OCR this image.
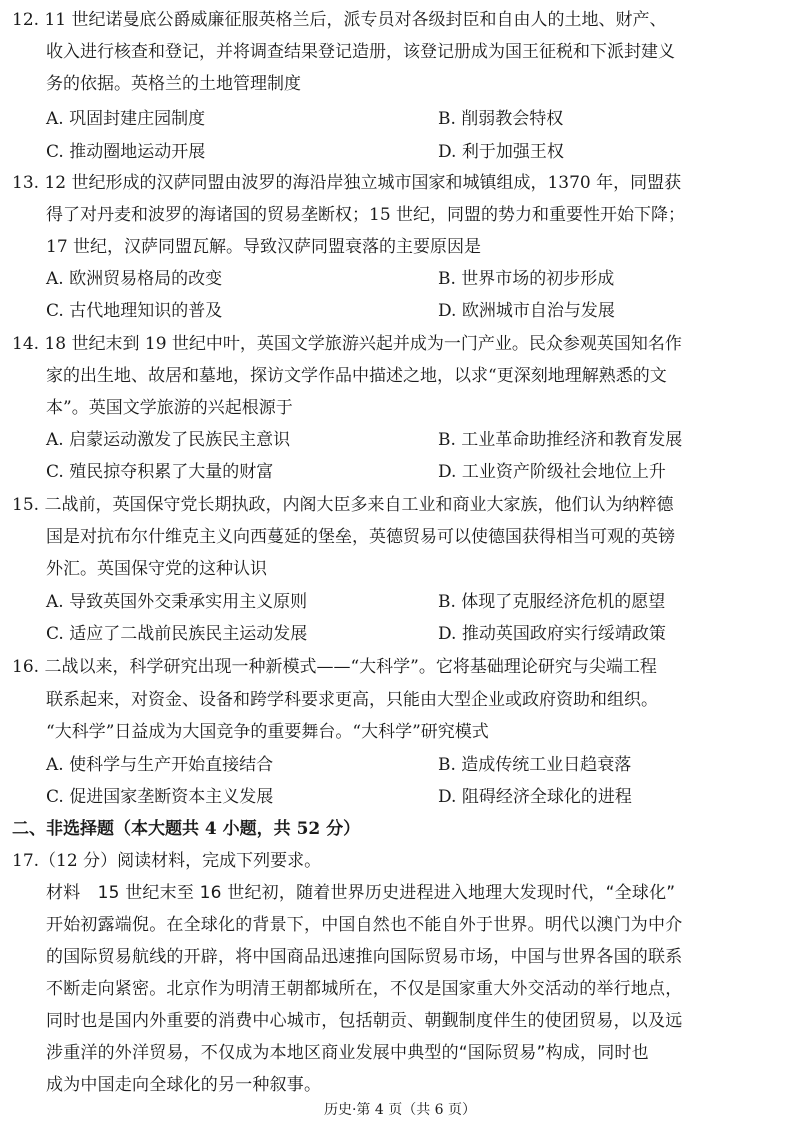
12. 11 世纪诺曼底公爵威廉征服英格兰后，派专员对各级封臣和自由人的土地、财产、
收入进行核查和登记，并将调查结果登记造册，该登记册成为国王征税和下派封建义
务的依据。英格兰的土地管理制度
A. 巩固封建庄园制度	B. 削弱教会特权
C. 推动圈地运动开展	D. 利于加强王权
13. 12 世纪形成的汉萨同盟由波罗的海沿岸独立城市国家和城镇组成，1370 年，同盟获
得了对丹麦和波罗的海诸国的贸易垄断权；15 世纪，同盟的势力和重要性开始下降；
17 世纪，汉萨同盟瓦解。导致汉萨同盟衰落的主要原因是
A. 欧洲贸易格局的改变	B. 世界市场的初步形成
C. 古代地理知识的普及	D. 欧洲城市自治与发展
14. 18 世纪末到 19 世纪中叶，英国文学旅游兴起并成为一门产业。民众参观英国知名作
家的出生地、故居和墓地，探访文学作品中描述之地，以求“更深刻地理解熟悉的文
本”。英国文学旅游的兴起根源于
A. 启蒙运动激发了民族民主意识	B. 工业革命助推经济和教育发展
C. 殖民掠夺积累了大量的财富	D. 工业资产阶级社会地位上升
15. 二战前，英国保守党长期执政，内阁大臣多来自工业和商业大家族，他们认为纳粹德
国是对抗布尔什维克主义向西蔓延的堡垒，英德贸易可以使德国获得相当可观的英镑
外汇。英国保守党的这种认识
A. 导致英国外交秉承实用主义原则	B. 体现了克服经济危机的愿望
C. 适应了二战前民族民主运动发展	D. 推动英国政府实行绥靖政策
16. 二战以来，科学研究出现一种新模式——“大科学”。它将基础理论研究与尖端工程
联系起来，对资金、设备和跨学科要求更高，只能由大型企业或政府资助和组织。
“大科学”日益成为大国竞争的重要舞台。“大科学”研究模式
A. 使科学与生产开始直接结合	B. 造成传统工业日趋衰落
C. 促进国家垄断资本主义发展	D. 阻碍经济全球化的进程
二、非选择题（本大题共 4 小题，共 52 分）
17.（12 分）阅读材料，完成下列要求。
材料　15 世纪末至 16 世纪初，随着世界历史进程进入地理大发现时代，“全球化”
开始初露端倪。在全球化的背景下，中国自然也不能自外于世界。明代以澳门为中介
的国际贸易航线的开辟，将中国商品迅速推向国际贸易市场，中国与世界各国的联系
不断走向紧密。北京作为明清王朝都城所在，不仅是国家重大外交活动的举行地点，
同时也是国内外重要的消费中心城市，包括朝贡、朝觐制度伴生的使团贸易，以及远
涉重洋的外洋贸易，不仅成为本地区商业发展中典型的“国际贸易”构成，同时也
成为中国走向全球化的另一种叙事。
历史·第 4 页（共 6 页）
